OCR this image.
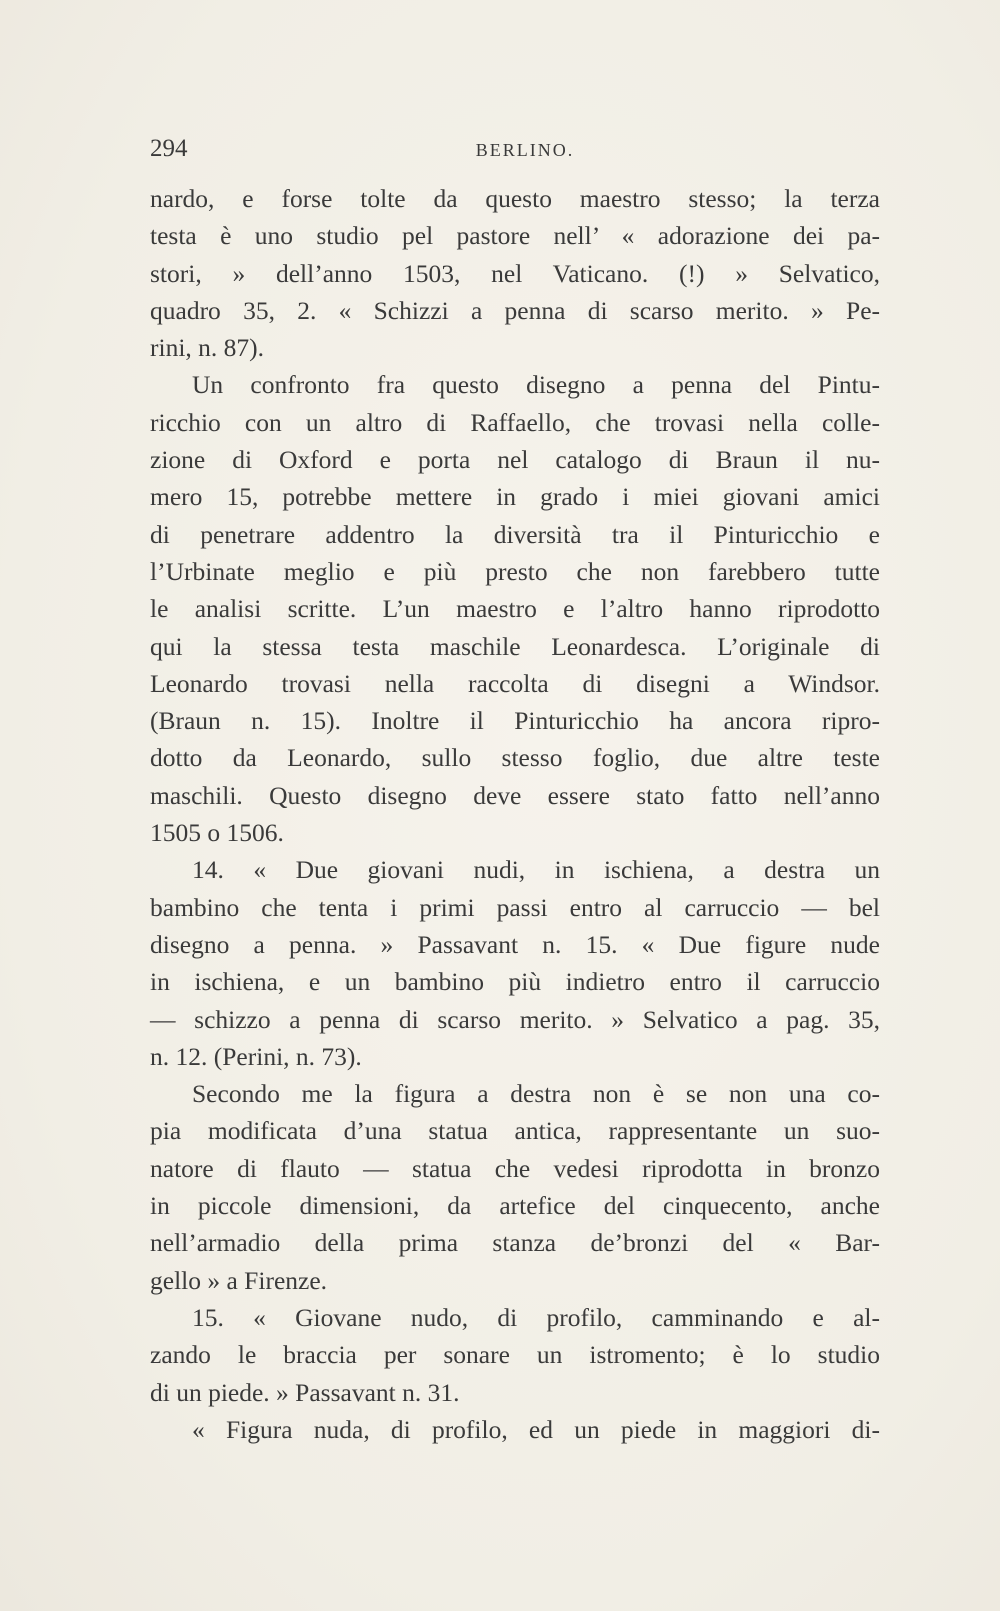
294	BERLINO.
nardo, e forse tolte da questo maestro stesso; la terza
testa è uno studio pel pastore nell’ « adorazione dei pa-
stori, » dell’anno 1503, nel Vaticano. (!) » Selvatico,
quadro 35, 2. « Schizzi a penna di scarso merito. » Pe-
rini, n. 87).
Un confronto fra questo disegno a penna del Pintu-
ricchio con un altro di Raffaello, che trovasi nella colle-
zione di Oxford e porta nel catalogo di Braun il nu-
mero 15, potrebbe mettere in grado i miei giovani amici
di penetrare addentro la diversità tra il Pinturicchio e
l’Urbinate meglio e più presto che non farebbero tutte
le analisi scritte. L’un maestro e l’altro hanno riprodotto
qui la stessa testa maschile Leonardesca. L’originale di
Leonardo trovasi nella raccolta di disegni a Windsor.
(Braun n. 15). Inoltre il Pinturicchio ha ancora ripro-
dotto da Leonardo, sullo stesso foglio, due altre teste
maschili. Questo disegno deve essere stato fatto nell’anno
1505 o 1506.
14. « Due giovani nudi, in ischiena, a destra un
bambino che tenta i primi passi entro al carruccio — bel
disegno a penna. » Passavant n. 15. « Due figure nude
in ischiena, e un bambino più indietro entro il carruccio
— schizzo a penna di scarso merito. » Selvatico a pag. 35,
n. 12. (Perini, n. 73).
Secondo me la figura a destra non è se non una co-
pia modificata d’una statua antica, rappresentante un suo-
natore di flauto — statua che vedesi riprodotta in bronzo
in piccole dimensioni, da artefice del cinquecento, anche
nell’armadio della prima stanza de’bronzi del « Bar-
gello » a Firenze.
15. « Giovane nudo, di profilo, camminando e al-
zando le braccia per sonare un istromento; è lo studio
di un piede. » Passavant n. 31.
« Figura nuda, di profilo, ed un piede in maggiori di-
